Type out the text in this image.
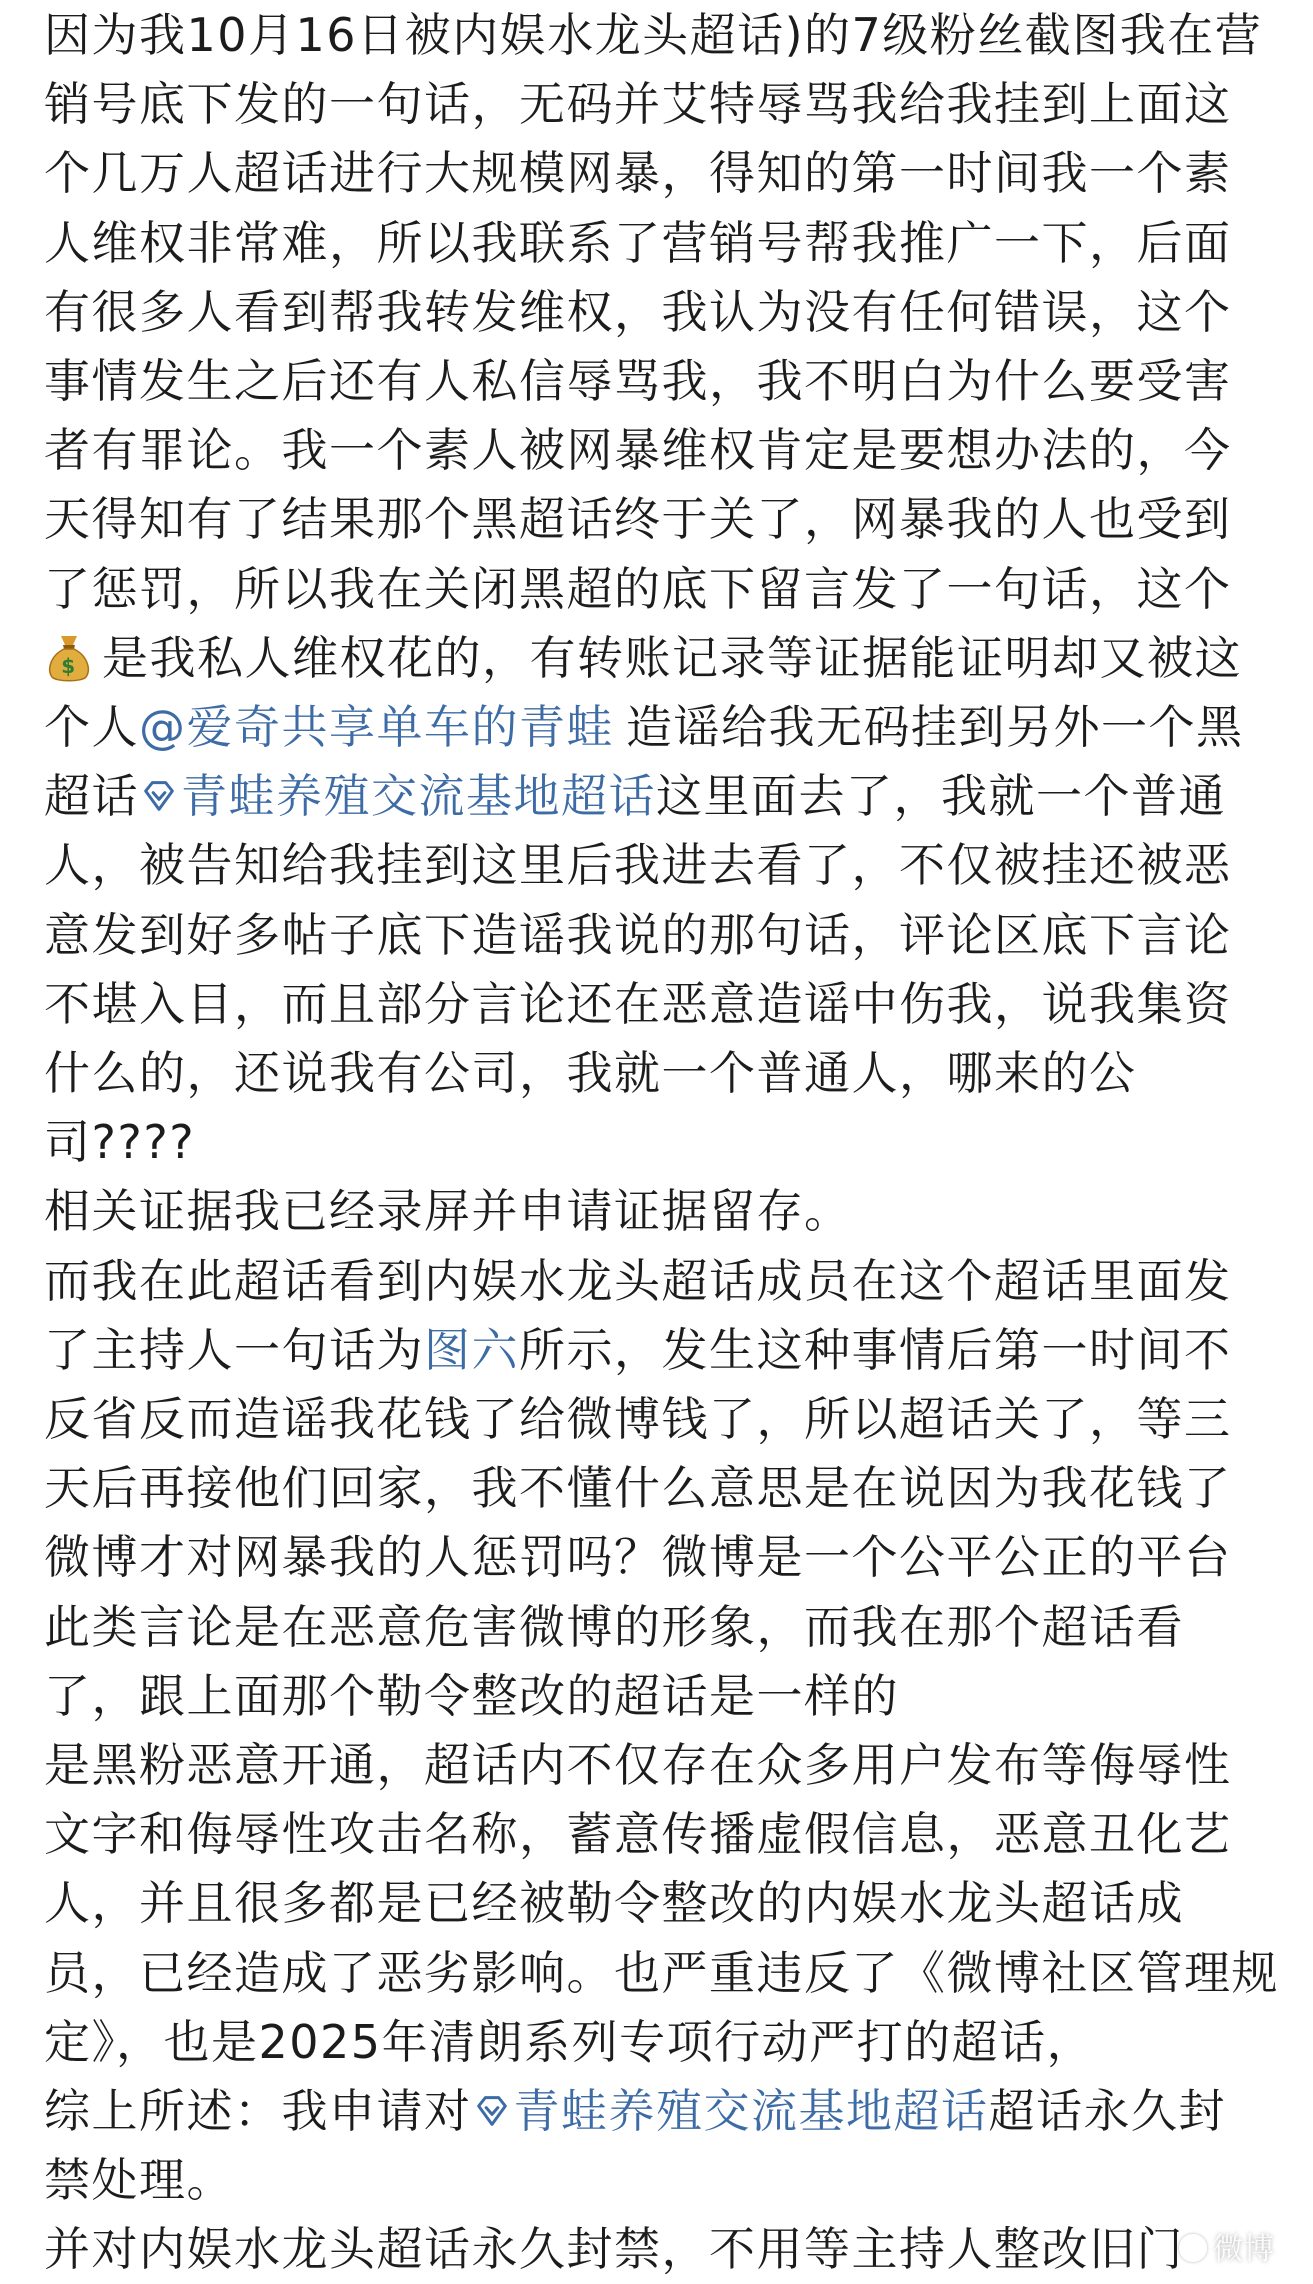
因为我10月16日被内娱水龙头超话)的7级粉丝截图我在营
销号底下发的一句话，无码并艾特辱骂我给我挂到上面这
个几万人超话进行大规模网暴，得知的第一时间我一个素
人维权非常难，所以我联系了营销号帮我推广一下，后面
有很多人看到帮我转发维权，我认为没有任何错误，这个
事情发生之后还有人私信辱骂我，我不明白为什么要受害
者有罪论。我一个素人被网暴维权肯定是要想办法的，今
天得知有了结果那个黑超话终于关了，网暴我的人也受到
了惩罚，所以我在关闭黑超的底下留言发了一句话，这个
$ 是我私人维权花的，有转账记录等证据能证明却又被这
个人@爱奇共享单车的青蛙 造谣给我无码挂到另外一个黑
超话 青蛙养殖交流基地超话这里面去了，我就一个普通
人，被告知给我挂到这里后我进去看了，不仅被挂还被恶
意发到好多帖子底下造谣我说的那句话，评论区底下言论
不堪入目，而且部分言论还在恶意造谣中伤我，说我集资
什么的，还说我有公司，我就一个普通人，哪来的公
司????
相关证据我已经录屏并申请证据留存。
而我在此超话看到内娱水龙头超话成员在这个超话里面发
了主持人一句话为图六所示，发生这种事情后第一时间不
反省反而造谣我花钱了给微博钱了，所以超话关了，等三
天后再接他们回家，我不懂什么意思是在说因为我花钱了
微博才对网暴我的人惩罚吗？微博是一个公平公正的平台
此类言论是在恶意危害微博的形象，而我在那个超话看
了，跟上面那个勒令整改的超话是一样的
是黑粉恶意开通，超话内不仅存在众多用户发布等侮辱性
文字和侮辱性攻击名称，蓄意传播虚假信息，恶意丑化艺
人，并且很多都是已经被勒令整改的内娱水龙头超话成
员，已经造成了恶劣影响。也严重违反了《微博社区管理规
定》，也是2025年清朗系列专项行动严打的超话，
综上所述：我申请对 青蛙养殖交流基地超话超话永久封
禁处理。
并对内娱水龙头超话永久封禁，不用等主持人整改旧门 微博
